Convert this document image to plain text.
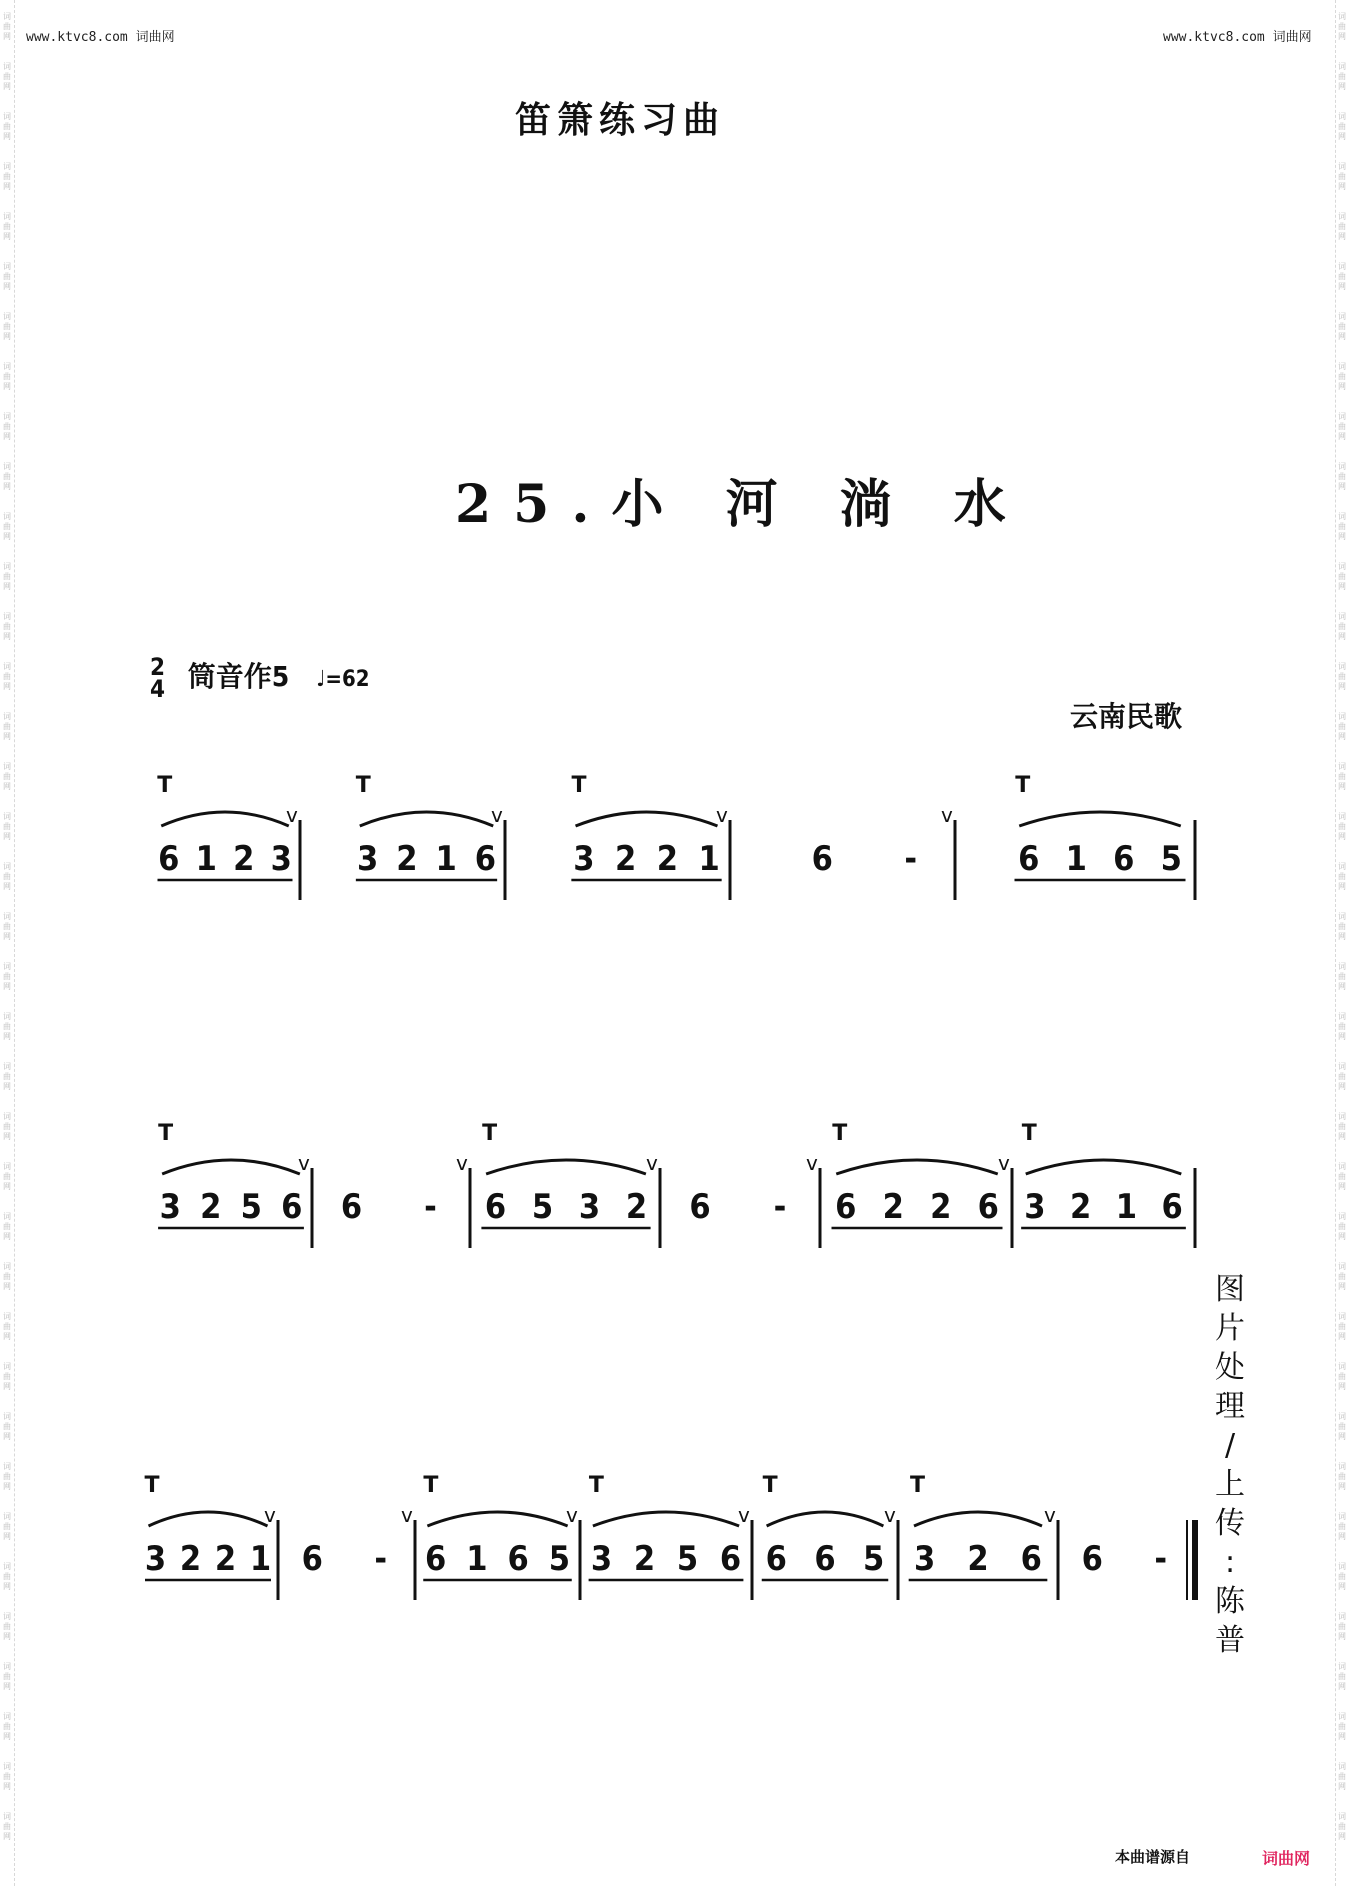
词
曲
网
词
曲
网
词
曲
网
词
曲
网
词
曲
网
词
曲
网
词
曲
网
词
曲
网
词
曲
网
词
曲
网
词
曲
网
词
曲
网
词
曲
网
词
曲
网
词
曲
网
词
曲
网
词
曲
网
词
曲
网
词
曲
网
词
曲
网
词
曲
网
词
曲
网
词
曲
网
词
曲
网
词
曲
网
词
曲
网
词
曲
网
词
曲
网
词
曲
网
词
曲
网
词
曲
网
词
曲
网
词
曲
网
词
曲
网
词
曲
网
词
曲
网
词
曲
网
词
曲
网
词
曲
网
词
曲
网
词
曲
网
词
曲
网
词
曲
网
词
曲
网
词
曲
网
词
曲
网
词
曲
网
词
曲
网
词
曲
网
词
曲
网
词
曲
网
词
曲
网
词
曲
网
词
曲
网
词
曲
网
词
曲
网
词
曲
网
词
曲
网
词
曲
网
词
曲
网
词
曲
网
词
曲
网
词
曲
网
词
曲
网
词
曲
网
词
曲
网
词
曲
网
词
曲
网
词
曲
网
词
曲
网
词
曲
网
词
曲
网
词
曲
网
词
曲
网
www.ktvc8.com 词曲网	www.ktvc8.com 词曲网
笛箫练习曲
25.小 河 淌 水
2
4 筒音作5 ♩=62
云南民歌
6 1 2 3
T
v
3 2 1 6
T
v
3 2 2 1
T
v
6 -
v
6 1 6 5
T
3 2 5 6
T
v
6 -
v
6 5 3 2
T
v
6 -
v
6 2 2 6
T
v
3 2 1 6
T
3 2 2 1
T
v
6 -
v
6 1 6 5
T
v
3 2 5 6
T
v
6 6 5
T
v
3 2 6
T
v
6 -
图
片
处
理
/
上
传
:
陈
普
本曲谱源自	词曲网
